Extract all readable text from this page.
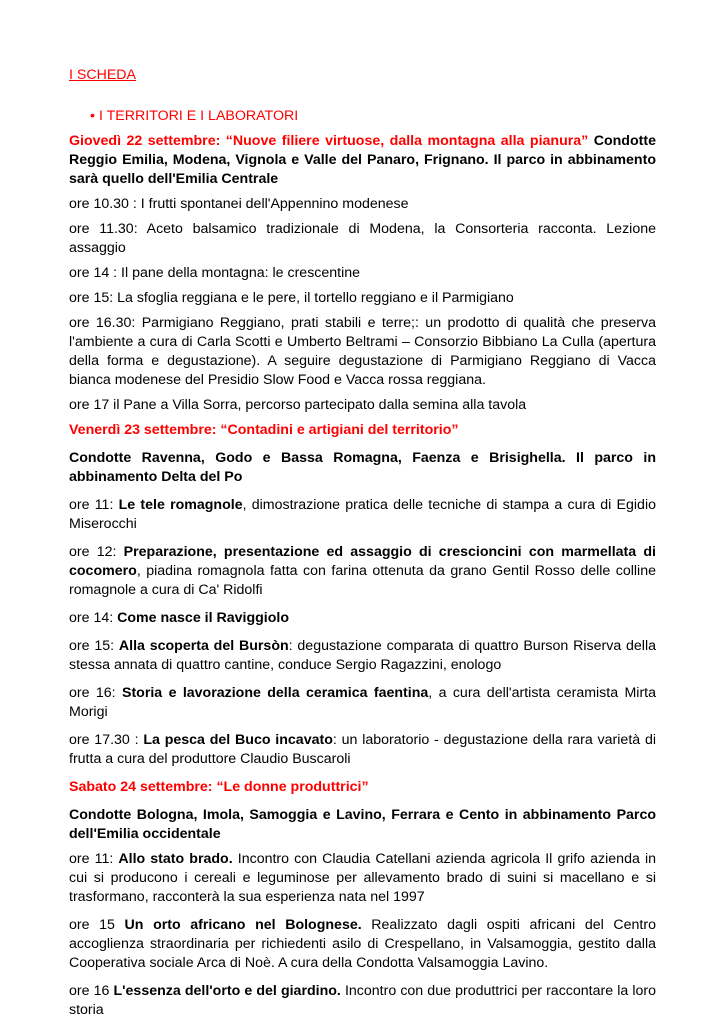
I SCHEDA

• I TERRITORI E I LABORATORI

Giovedì 22 settembre: “Nuove filiere virtuose, dalla montagna alla pianura” Condotte Reggio Emilia, Modena, Vignola e Valle del Panaro, Frignano. Il parco in abbinamento sarà quello dell'Emilia Centrale

ore 10.30 : I frutti spontanei dell'Appennino modenese

ore 11.30: Aceto balsamico tradizionale di Modena, la Consorteria racconta. Lezione assaggio

ore 14 : Il pane della montagna: le crescentine

ore 15: La sfoglia reggiana e le pere, il tortello reggiano e il Parmigiano

ore 16.30: Parmigiano Reggiano, prati stabili e terre;: un prodotto di qualità che preserva l'ambiente a cura di Carla Scotti e Umberto Beltrami – Consorzio Bibbiano La Culla (apertura della forma e degustazione). A seguire degustazione di Parmigiano Reggiano di Vacca bianca modenese del Presidio Slow Food e Vacca rossa reggiana.

ore 17 il Pane a Villa Sorra, percorso partecipato dalla semina alla tavola

Venerdì 23 settembre: “Contadini e artigiani del territorio”

Condotte Ravenna, Godo e Bassa Romagna, Faenza e Brisighella. Il parco in abbinamento Delta del Po

ore 11: Le tele romagnole, dimostrazione pratica delle tecniche di stampa a cura di Egidio Miserocchi

ore 12: Preparazione, presentazione ed assaggio di crescioncini con marmellata di cocomero, piadina romagnola fatta con farina ottenuta da grano Gentil Rosso delle colline romagnole a cura di Ca' Ridolfi

ore 14: Come nasce il Raviggiolo

ore 15: Alla scoperta del Bursòn: degustazione comparata di quattro Burson Riserva della stessa annata di quattro cantine, conduce Sergio Ragazzini, enologo

ore 16: Storia e lavorazione della ceramica faentina, a cura dell'artista ceramista Mirta Morigi

ore 17.30 : La pesca del Buco incavato: un laboratorio - degustazione della rara varietà di frutta a cura del produttore Claudio Buscaroli

Sabato 24 settembre: “Le donne produttrici”

Condotte Bologna, Imola, Samoggia e Lavino, Ferrara e Cento in abbinamento Parco dell'Emilia occidentale

ore 11: Allo stato brado. Incontro con Claudia Catellani azienda agricola Il grifo azienda in cui si producono i cereali e leguminose per allevamento brado di suini si macellano e si trasformano, racconterà la sua esperienza nata nel 1997

ore 15 Un orto africano nel Bolognese. Realizzato dagli ospiti africani del Centro accoglienza straordinaria per richiedenti asilo di Crespellano, in Valsamoggia, gestito dalla Cooperativa sociale Arca di Noè. A cura della Condotta Valsamoggia Lavino.

ore 16 L'essenza dell'orto e del giardino. Incontro con due produttrici per raccontare la loro storia
